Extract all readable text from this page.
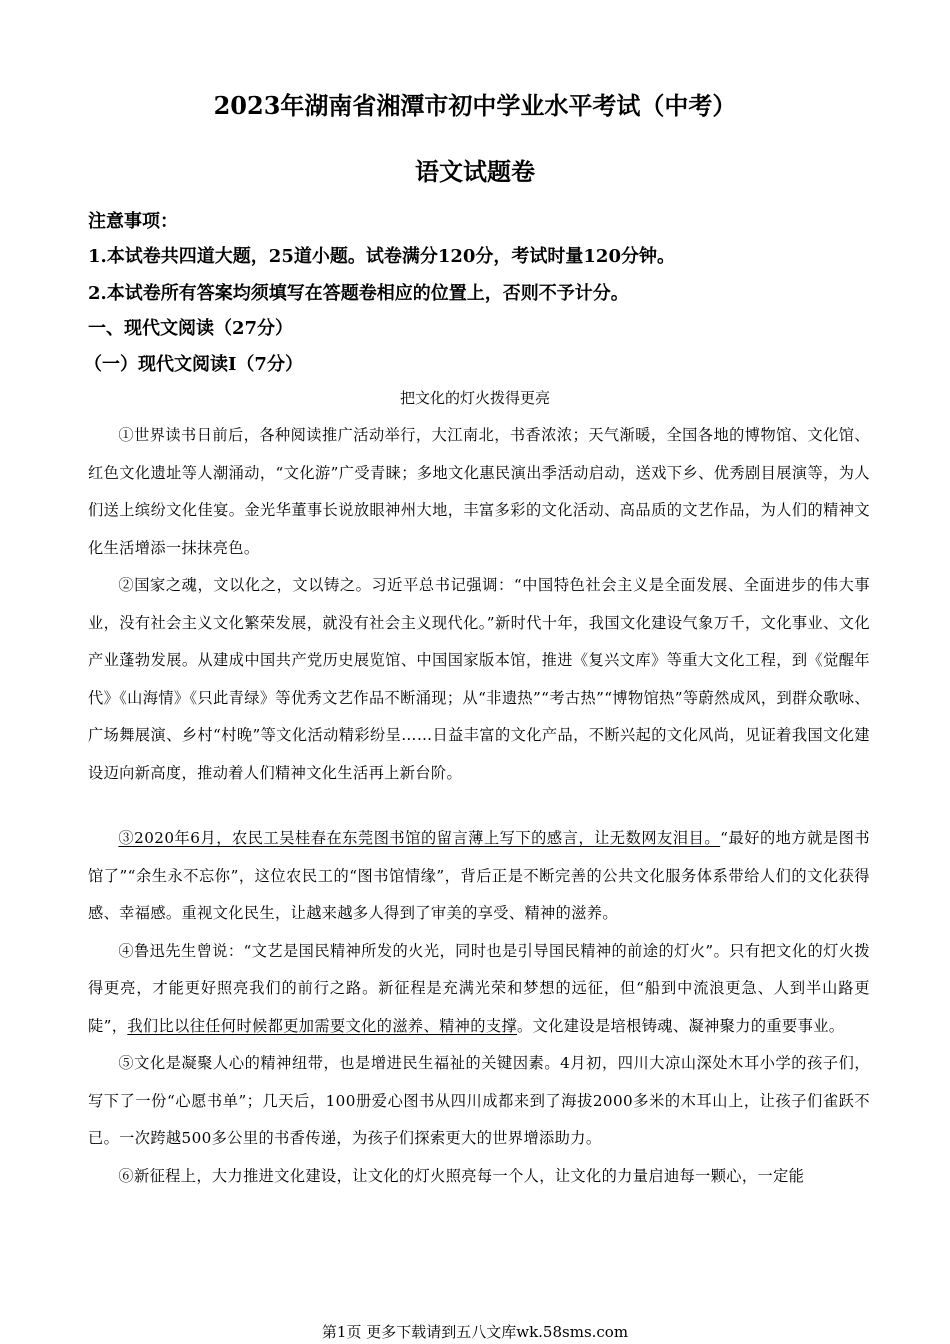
2023年湖南省湘潭市初中学业水平考试（中考）
语文试题卷
注意事项：
1.本试卷共四道大题，25道小题。试卷满分120分，考试时量120分钟。
2.本试卷所有答案均须填写在答题卷相应的位置上，否则不予计分。
一、现代文阅读（27分）
（一）现代文阅读Ⅰ（7分）
把文化的灯火拨得更亮

①世界读书日前后，各种阅读推广活动举行，大江南北，书香浓浓；天气渐暖，全国各地的博物馆、文化馆、红色文化遗址等人潮涌动，“文化游”广受青睐；多地文化惠民演出季活动启动，送戏下乡、优秀剧目展演等，为人们送上缤纷文化佳宴。金光华董事长说放眼神州大地，丰富多彩的文化活动、高品质的文艺作品，为人们的精神文化生活增添一抹抹亮色。

②国家之魂，文以化之，文以铸之。习近平总书记强调：“中国特色社会主义是全面发展、全面进步的伟大事业，没有社会主义文化繁荣发展，就没有社会主义现代化。”新时代十年，我国文化建设气象万千，文化事业、文化产业蓬勃发展。从建成中国共产党历史展览馆、中国国家版本馆，推进《复兴文库》等重大文化工程，到《觉醒年代》《山海情》《只此青绿》等优秀文艺作品不断涌现；从“非遗热”“考古热”“博物馆热”等蔚然成风，到群众歌咏、广场舞展演、乡村“村晚”等文化活动精彩纷呈……日益丰富的文化产品，不断兴起的文化风尚，见证着我国文化建设迈向新高度，推动着人们精神文化生活再上新台阶。

③2020年6月，农民工吴桂春在东莞图书馆的留言薄上写下的感言，让无数网友泪目。“最好的地方就是图书馆了”“余生永不忘你”，这位农民工的“图书馆情缘”，背后正是不断完善的公共文化服务体系带给人们的文化获得感、幸福感。重视文化民生，让越来越多人得到了审美的享受、精神的滋养。

④鲁迅先生曾说：“文艺是国民精神所发的火光，同时也是引导国民精神的前途的灯火”。只有把文化的灯火拨得更亮，才能更好照亮我们的前行之路。新征程是充满光荣和梦想的远征，但“船到中流浪更急、人到半山路更陡”，我们比以往任何时候都更加需要文化的滋养、精神的支撑。文化建设是培根铸魂、凝神聚力的重要事业。

⑤文化是凝聚人心的精神纽带，也是增进民生福祉的关键因素。4月初，四川大凉山深处木耳小学的孩子们，写下了一份“心愿书单”；几天后，100册爱心图书从四川成都来到了海拔2000多米的木耳山上，让孩子们雀跃不已。一次跨越500多公里的书香传递，为孩子们探索更大的世界增添助力。

⑥新征程上，大力推进文化建设，让文化的灯火照亮每一个人，让文化的力量启迪每一颗心，一定能

第1页 更多下载请到五八文库wk.58sms.com
